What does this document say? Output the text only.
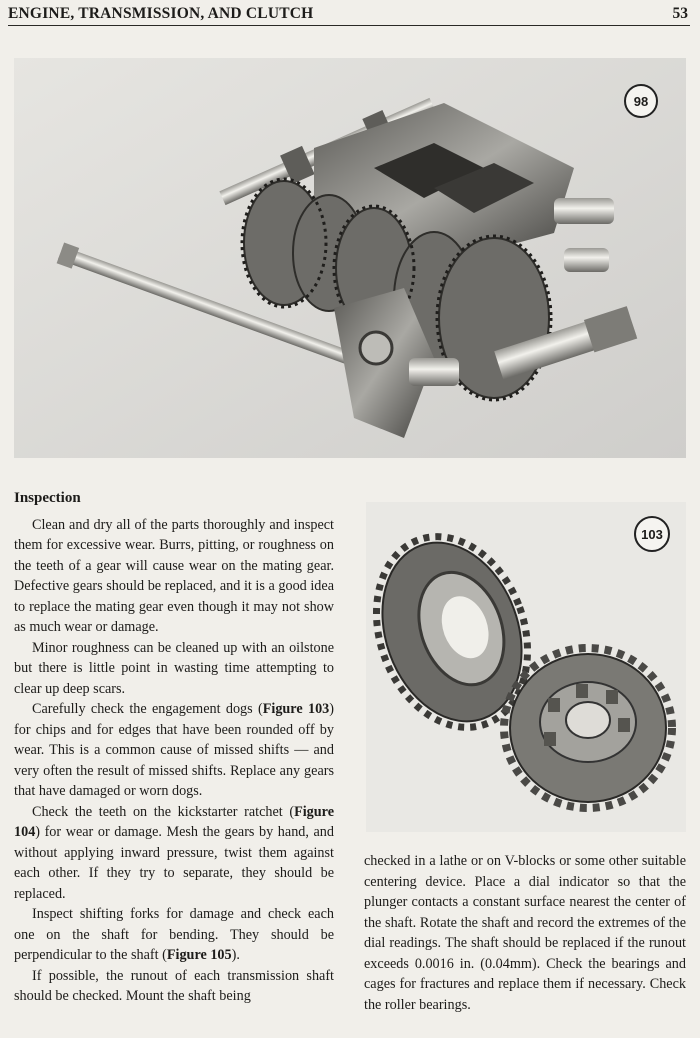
ENGINE, TRANSMISSION, AND CLUTCH	53
98
103
Inspection

Clean and dry all of the parts thoroughly and inspect them for excessive wear. Burrs, pitting, or roughness on the teeth of a gear will cause wear on the mating gear. Defective gears should be replaced, and it is a good idea to replace the mating gear even though it may not show as much wear or damage.

Minor roughness can be cleaned up with an oilstone but there is little point in wasting time attempting to clear up deep scars.

Carefully check the engagement dogs (Figure 103) for chips and for edges that have been rounded off by wear. This is a common cause of missed shifts — and very often the result of missed shifts. Replace any gears that have damaged or worn dogs.

Check the teeth on the kickstarter ratchet (Figure 104) for wear or damage. Mesh the gears by hand, and without applying inward pressure, twist them against each other. If they try to separate, they should be replaced.

Inspect shifting forks for damage and check each one on the shaft for bending. They should be perpendicular to the shaft (Figure 105).

If possible, the runout of each transmission shaft should be checked. Mount the shaft being

checked in a lathe or on V-blocks or some other suitable centering device. Place a dial indicator so that the plunger contacts a constant surface nearest the center of the shaft. Rotate the shaft and record the extremes of the dial readings. The shaft should be replaced if the runout exceeds 0.0016 in. (0.04mm). Check the bearings and cages for fractures and replace them if necessary. Check the roller bearings.
